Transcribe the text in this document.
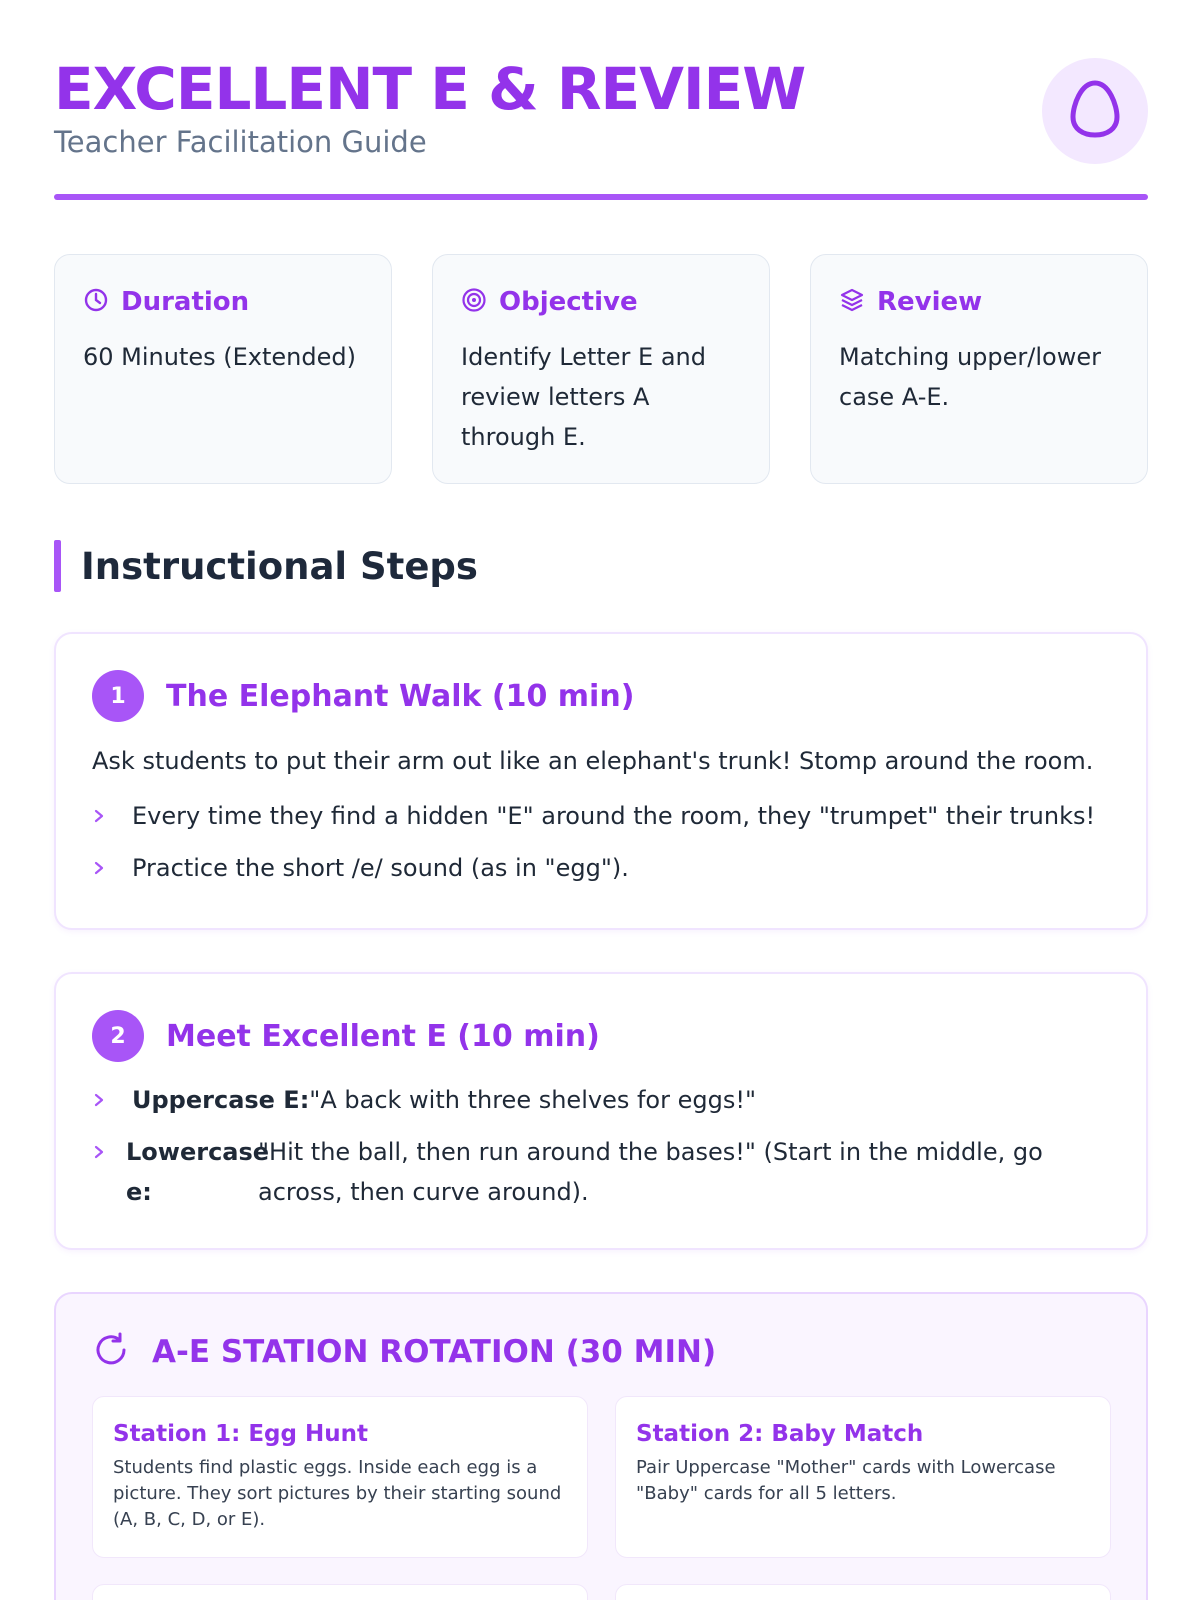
EXCELLENT E & REVIEW
Teacher Facilitation Guide
Duration
60 Minutes (Extended)
Objective
Identify Letter E and review letters A through E.
Review
Matching upper/lower case A-E.
Instructional Steps
1	The Elephant Walk (10 min)
Ask students to put their arm out like an elephant's trunk! Stomp around the room.
Every time they find a hidden "E" around the room, they "trumpet" their trunks!
Practice the short /e/ sound (as in "egg").
2	Meet Excellent E (10 min)
Uppercase E:"A back with three shelves for eggs!"
Lowercase e:
"Hit the ball, then run around the bases!" (Start in the middle, go across, then curve around).
A-E STATION ROTATION (30 MIN)
Station 1: Egg Hunt
Students find plastic eggs. Inside each egg is a picture. They sort pictures by their starting sound (A, B, C, D, or E).
Station 2: Baby Match
Pair Uppercase "Mother" cards with Lowercase "Baby" cards for all 5 letters.
